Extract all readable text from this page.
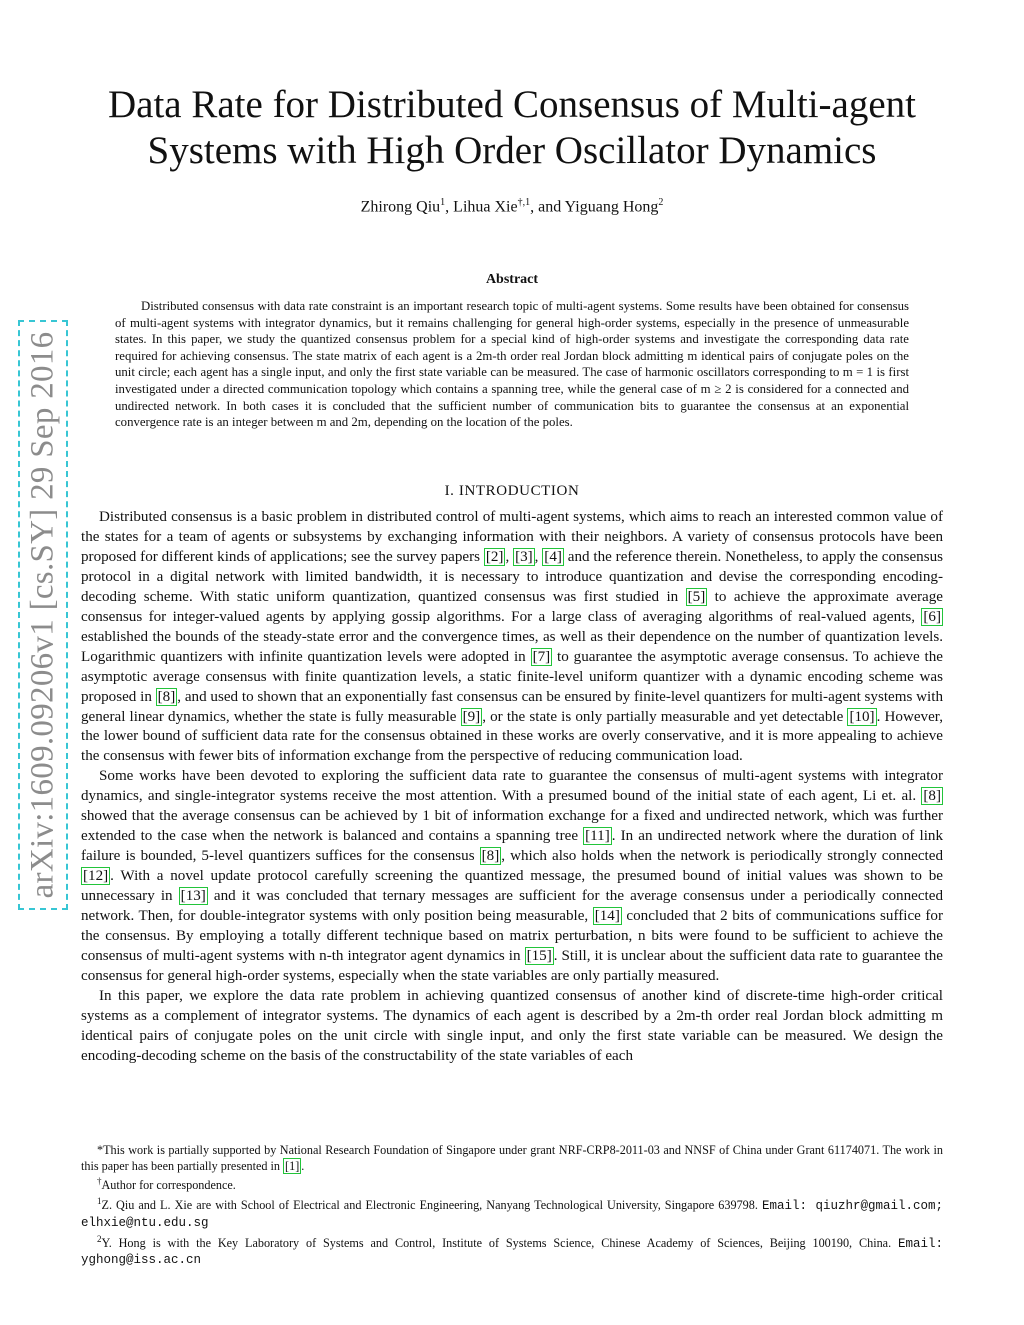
arXiv:1609.09206v1 [cs.SY] 29 Sep 2016
Data Rate for Distributed Consensus of Multi-agent Systems with High Order Oscillator Dynamics
Zhirong Qiu$^1$, Lihua Xie$^{\dagger,1}$, and Yiguang Hong$^2$
Abstract

Distributed consensus with data rate constraint is an important research topic of multi-agent systems. Some results have been obtained for consensus of multi-agent systems with integrator dynamics, but it remains challenging for general high-order systems, especially in the presence of unmeasurable states. In this paper, we study the quantized consensus problem for a special kind of high-order systems and investigate the corresponding data rate required for achieving consensus. The state matrix of each agent is a 2m-th order real Jordan block admitting m identical pairs of conjugate poles on the unit circle; each agent has a single input, and only the first state variable can be measured. The case of harmonic oscillators corresponding to m = 1 is first investigated under a directed communication topology which contains a spanning tree, while the general case of m ≥ 2 is considered for a connected and undirected network. In both cases it is concluded that the sufficient number of communication bits to guarantee the consensus at an exponential convergence rate is an integer between m and 2m, depending on the location of the poles.

I. INTRODUCTION

Distributed consensus is a basic problem in distributed control of multi-agent systems, which aims to reach an interested common value of the states for a team of agents or subsystems by exchanging information with their neighbors. A variety of consensus protocols have been proposed for different kinds of applications; see the survey papers [2] , [3] , [4] and the reference therein. Nonetheless, to apply the consensus protocol in a digital network with limited bandwidth, it is necessary to introduce quantization and devise the corresponding encoding-decoding scheme. With static uniform quantization, quantized consensus was first studied in [5] to achieve the approximate average consensus for integer-valued agents by applying gossip algorithms. For a large class of averaging algorithms of real-valued agents, [6] established the bounds of the steady-state error and the convergence times, as well as their dependence on the number of quantization levels. Logarithmic quantizers with infinite quantization levels were adopted in [7] to guarantee the asymptotic average consensus. To achieve the asymptotic average consensus with finite quantization levels, a static finite-level uniform quantizer with a dynamic encoding scheme was proposed in [8] , and used to shown that an exponentially fast consensus can be ensured by finite-level quantizers for multi-agent systems with general linear dynamics, whether the state is fully measurable [9] , or the state is only partially measurable and yet detectable [10] . However, the lower bound of sufficient data rate for the consensus obtained in these works are overly conservative, and it is more appealing to achieve the consensus with fewer bits of information exchange from the perspective of reducing communication load.

Some works have been devoted to exploring the sufficient data rate to guarantee the consensus of multi-agent systems with integrator dynamics, and single-integrator systems receive the most attention. With a presumed bound of the initial state of each agent, Li et. al. [8] showed that the average consensus can be achieved by 1 bit of information exchange for a fixed and undirected network, which was further extended to the case when the network is balanced and contains a spanning tree [11] . In an undirected network where the duration of link failure is bounded, 5-level quantizers suffices for the consensus [8] , which also holds when the network is periodically strongly connected [12] . With a novel update protocol carefully screening the quantized message, the presumed bound of initial values was shown to be unnecessary in [13] and it was concluded that ternary messages are sufficient for the average consensus under a periodically connected network. Then, for double-integrator systems with only position being measurable, [14] concluded that 2 bits of communications suffice for the consensus. By employing a totally different technique based on matrix perturbation, n bits were found to be sufficient to achieve the consensus of multi-agent systems with n-th integrator agent dynamics in [15] . Still, it is unclear about the sufficient data rate to guarantee the consensus for general high-order systems, especially when the state variables are only partially measured.

In this paper, we explore the data rate problem in achieving quantized consensus of another kind of discrete-time high-order critical systems as a complement of integrator systems. The dynamics of each agent is described by a 2m-th order real Jordan block admitting m identical pairs of conjugate poles on the unit circle with single input, and only the first state variable can be measured. We design the encoding-decoding scheme on the basis of the constructability of the state variables of each

*This work is partially supported by National Research Foundation of Singapore under grant NRF-CRP8-2011-03 and NNSF of China under Grant 61174071. The work in this paper has been partially presented in [1] .

†Author for correspondence.

$^1$Z. Qiu and L. Xie are with School of Electrical and Electronic Engineering, Nanyang Technological University, Singapore 639798. Email: qiuzhr@gmail.com; elhxie@ntu.edu.sg

$^2$Y. Hong is with the Key Laboratory of Systems and Control, Institute of Systems Science, Chinese Academy of Sciences, Beijing 100190, China. Email: yghong@iss.ac.cn
